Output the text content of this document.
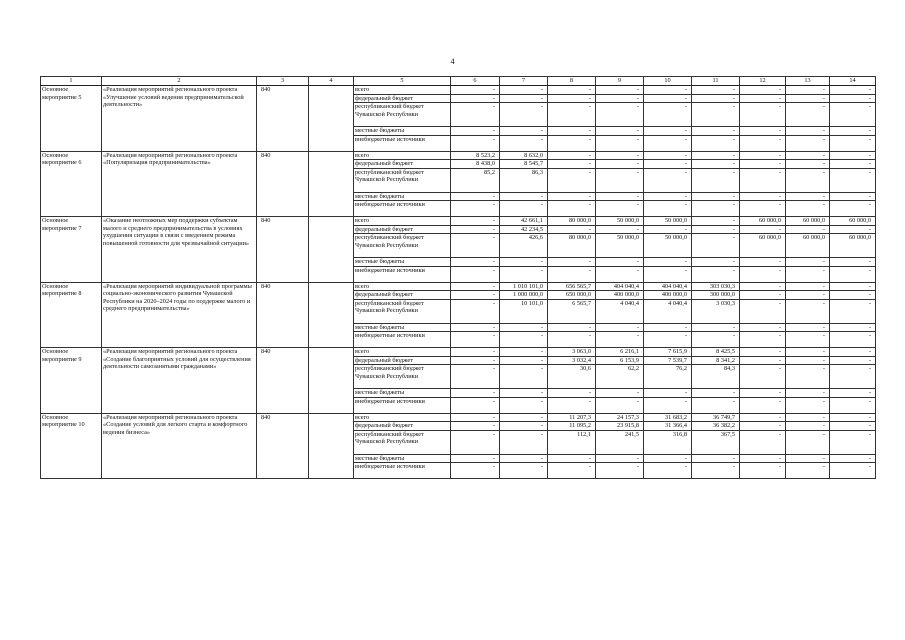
4
1	2	3	4	5	6	7	8	9	10	11	12	13	14
Основное мероприятие 5	«Реализация мероприятий регионального проекта «Улучшение условий ведения предпринимательской деятельности»	840		всего	-	-	-	-	-	-	-	-	-
				федеральный бюджет	-	-	-	-	-	-	-	-	-
				республиканский бюджет Чувашской Республики	-	-	-	-	-	-	-	-	-
				местные бюджеты	-	-	-	-	-	-	-	-	-
				внебюджетные источники	-	-	-	-	-	-	-	-	-
Основное мероприятие 6	«Реализация мероприятий регионального проекта «Популяризация предпринимательства»	840		всего	8 523,2	8 632,0	-	-	-	-	-	-	-
				федеральный бюджет	8 438,0	8 545,7	-	-	-	-	-	-	-
				республиканский бюджет Чувашской Республики	85,2	86,3	-	-	-	-	-	-	-
				местные бюджеты	-	-	-	-	-	-	-	-	-
				внебюджетные источники	-	-	-	-	-	-	-	-	-
Основное мероприятие 7	«Оказание неотложных мер поддержки субъектам малого и среднего предпринимательства в условиях ухудшения ситуации в связи с введением режима повышенной готовности для чрезвычайной ситуации»	840		всего	-	42 661,1	80 000,0	50 000,0	50 000,0	-	60 000,0	60 000,0	60 000,0
				федеральный бюджет	-	42 234,5	-	-	-	-	-	-	-
				республиканский бюджет Чувашской Республики	-	426,6	80 000,0	50 000,0	50 000,0	-	60 000,0	60 000,0	60 000,0
				местные бюджеты	-	-	-	-	-	-	-	-	-
				внебюджетные источники	-	-	-	-	-	-	-	-	-
Основное мероприятие 8	«Реализация мероприятий индивидуальной программы социально-экономического развития Чувашской Республики на 2020–2024 годы по поддержке малого и среднего предпринимательства»	840		всего	-	1 010 101,0	656 565,7	404 040,4	404 040,4	303 030,3	-	-	-
				федеральный бюджет	-	1 000 000,0	650 000,0	400 000,0	400 000,0	300 000,0	-	-	-
				республиканский бюджет Чувашской Республики	-	10 101,0	6 565,7	4 040,4	4 040,4	3 030,3	-	-	-
				местные бюджеты	-	-	-	-	-	-	-	-	-
				внебюджетные источники	-	-	-	-	-	-	-	-	-
Основное мероприятие 9	«Реализация мероприятий регионального проекта «Создание благоприятных условий для осуществления деятельности самозанятыми гражданами»	840		всего	-	-	3 063,0	6 216,1	7 615,9	8 425,5	-	-	-
				федеральный бюджет	-	-	3 032,4	6 153,9	7 539,7	8 341,2	-	-	-
				республиканский бюджет Чувашской Республики	-	-	30,6	62,2	76,2	84,3	-	-	-
				местные бюджеты	-	-	-	-	-	-	-	-	-
				внебюджетные источники	-	-	-	-	-	-	-	-	-
Основное мероприятие 10	«Реализация мероприятий регионального проекта «Создание условий для легкого старта и комфортного ведения бизнеса»	840		всего	-	-	11 207,3	24 157,3	31 683,2	36 749,7	-	-	-
				федеральный бюджет	-	-	11 095,2	23 915,8	31 366,4	36 382,2	-	-	-
				республиканский бюджет Чувашской Республики	-	-	112,1	241,5	316,8	367,5	-	-	-
				местные бюджеты	-	-	-	-	-	-	-	-	-
				внебюджетные источники	-	-	-	-	-	-	-	-	-
